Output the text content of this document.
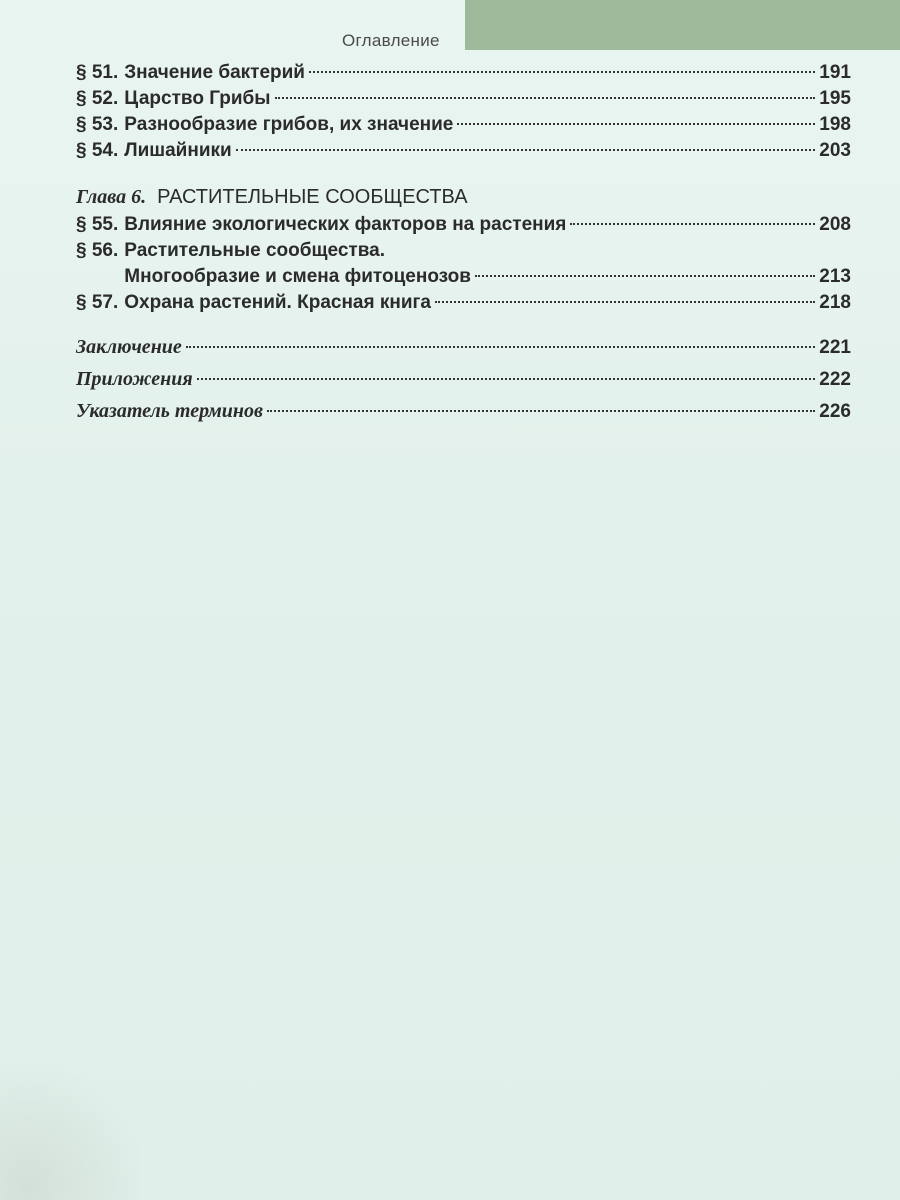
Оглавление
§ 51. Значение бактерий	191
§ 52. Царство Грибы	195
§ 53. Разнообразие грибов, их значение	198
§ 54. Лишайники	203
Глава 6. РАСТИТЕЛЬНЫЕ СООБЩЕСТВА
§ 55. Влияние экологических факторов на растения	208
§ 56. Растительные сообщества.
Многообразие и смена фитоценозов	213
§ 57. Охрана растений. Красная книга	218
Заключение	221
Приложения	222
Указатель терминов	226
